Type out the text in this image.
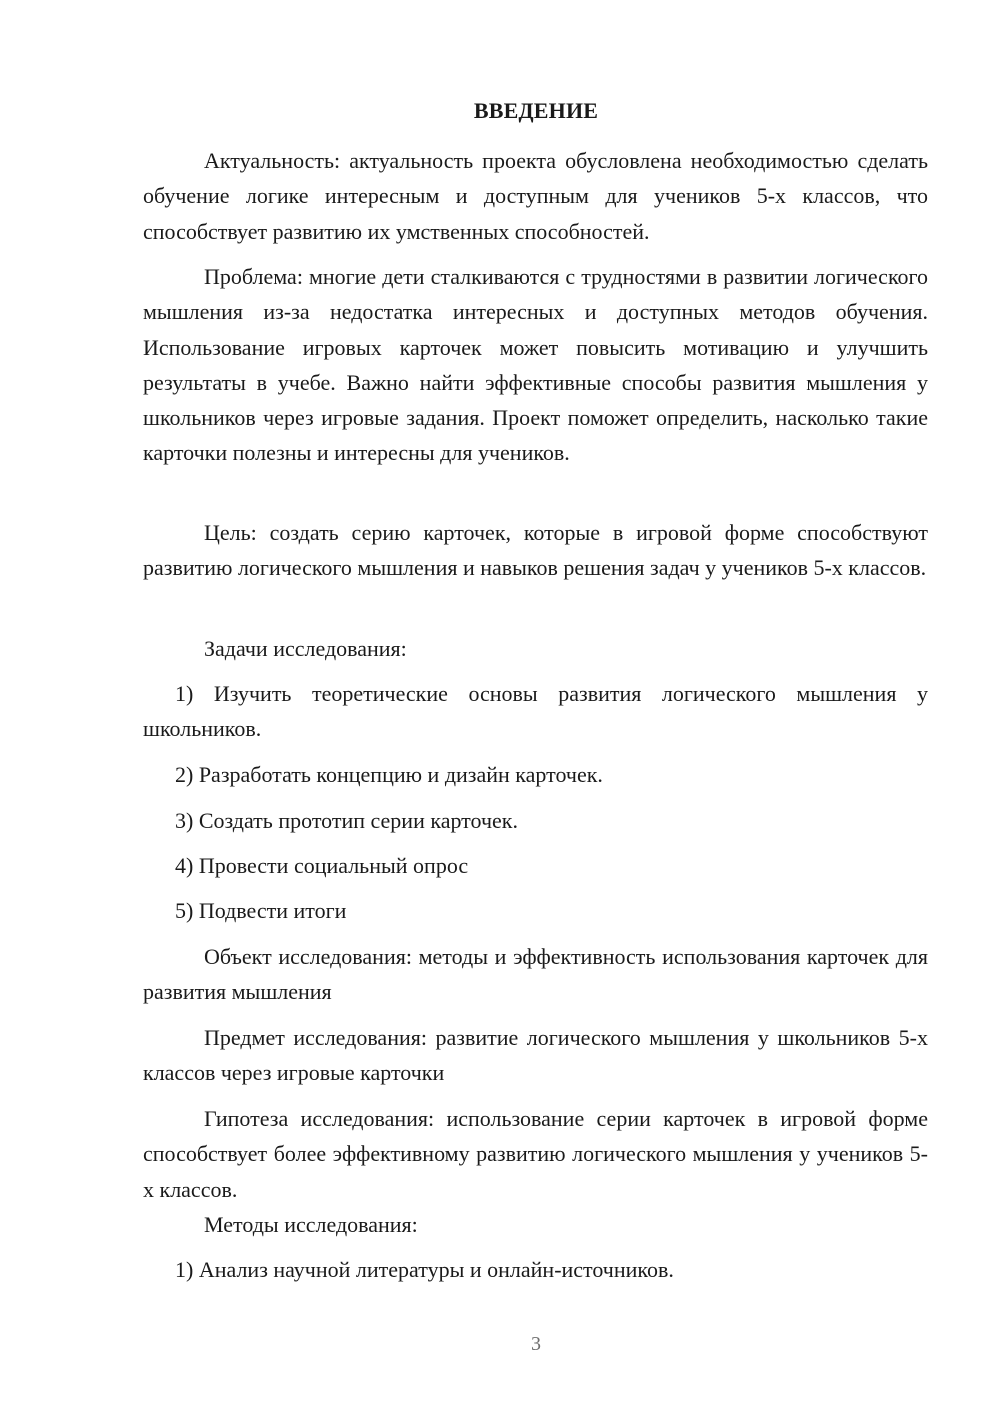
ВВЕДЕНИЕ

Актуальность: актуальность проекта обусловлена необходимостью сделать обучение логике интересным и доступным для учеников 5-х классов, что способствует развитию их умственных способностей.

Проблема: многие дети сталкиваются с трудностями в развитии логического мышления из-за недостатка интересных и доступных методов обучения. Использование игровых карточек может повысить мотивацию и улучшить результаты в учебе. Важно найти эффективные способы развития мышления у школьников через игровые задания. Проект поможет определить, насколько такие карточки полезны и интересны для учеников.

Цель: создать серию карточек, которые в игровой форме способствуют развитию логического мышления и навыков решения задач у учеников 5-х классов.

Задачи исследования:

1) Изучить теоретические основы развития логического мышления у школьников.

2) Разработать концепцию и дизайн карточек.

3) Создать прототип серии карточек.

4) Провести социальный опрос

5) Подвести итоги

Объект исследования: методы и эффективность использования карточек для развития мышления

Предмет исследования: развитие логического мышления у школьников 5-х классов через игровые карточки

Гипотеза исследования: использование серии карточек в игровой форме способствует более эффективному развитию логического мышления у учеников 5-х классов.

Методы исследования:

1) Анализ научной литературы и онлайн-источников.

3
